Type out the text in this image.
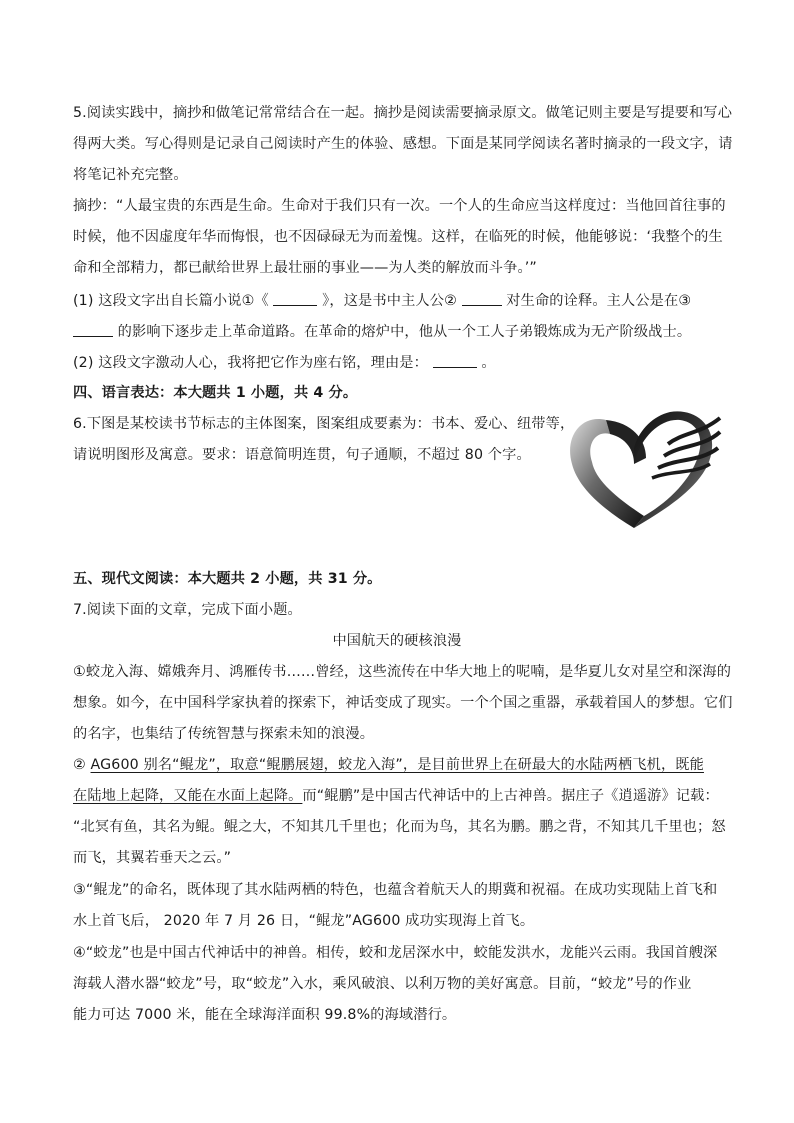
5.阅读实践中，摘抄和做笔记常常结合在一起。摘抄是阅读需要摘录原文。做笔记则主要是写提要和写心
得两大类。写心得则是记录自己阅读时产生的体验、感想。下面是某同学阅读名著时摘录的一段文字，请
将笔记补充完整。
摘抄：“人最宝贵的东西是生命。生命对于我们只有一次。一个人的生命应当这样度过：当他回首往事的
时候，他不因虚度年华而悔恨，也不因碌碌无为而羞愧。这样，在临死的时候，他能够说：‘我整个的生
命和全部精力，都已献给世界上最壮丽的事业——为人类的解放而斗争。’”
(1) 这段文字出自长篇小说①《	》，这是书中主人公②	对生命的诠释。主人公是在③
的影响下逐步走上革命道路。在革命的熔炉中，他从一个工人子弟锻炼成为无产阶级战士。
(2) 这段文字激动人心，我将把它作为座右铭，理由是：	。
四、语言表达：本大题共 1 小题，共 4 分。
6.下图是某校读书节标志的主体图案，图案组成要素为：书本、爱心、纽带等，
请说明图形及寓意。要求：语意简明连贯，句子通顺，不超过 80 个字。
五、现代文阅读：本大题共 2 小题，共 31 分。
7.阅读下面的文章，完成下面小题。
中国航天的硬核浪漫
①蛟龙入海、嫦娥奔月、鸿雁传书……曾经，这些流传在中华大地上的呢喃，是华夏儿女对星空和深海的
想象。如今，在中国科学家执着的探索下，神话变成了现实。一个个国之重器，承载着国人的梦想。它们
的名字，也集结了传统智慧与探索未知的浪漫。
② AG600 别名“鲲龙”，取意“鲲鹏展翅，蛟龙入海”，是目前世界上在研最大的水陆两栖飞机，既能
在陆地上起降，又能在水面上起降。而“鲲鹏”是中国古代神话中的上古神兽。据庄子《逍遥游》记载：
“北冥有鱼，其名为鲲。鲲之大，不知其几千里也；化而为鸟，其名为鹏。鹏之背，不知其几千里也；怒
而飞，其翼若垂天之云。”
③“鲲龙”的命名，既体现了其水陆两栖的特色，也蕴含着航天人的期冀和祝福。在成功实现陆上首飞和
水上首飞后， 2020 年 7 月 26 日，“鲲龙”AG600 成功实现海上首飞。
④“蛟龙”也是中国古代神话中的神兽。相传，蛟和龙居深水中，蛟能发洪水，龙能兴云雨。我国首艘深
海载人潜水器“蛟龙”号，取“蛟龙”入水，乘风破浪、以利万物的美好寓意。目前，“蛟龙”号的作业
能力可达 7000 米，能在全球海洋面积 99.8%的海域潜行。
